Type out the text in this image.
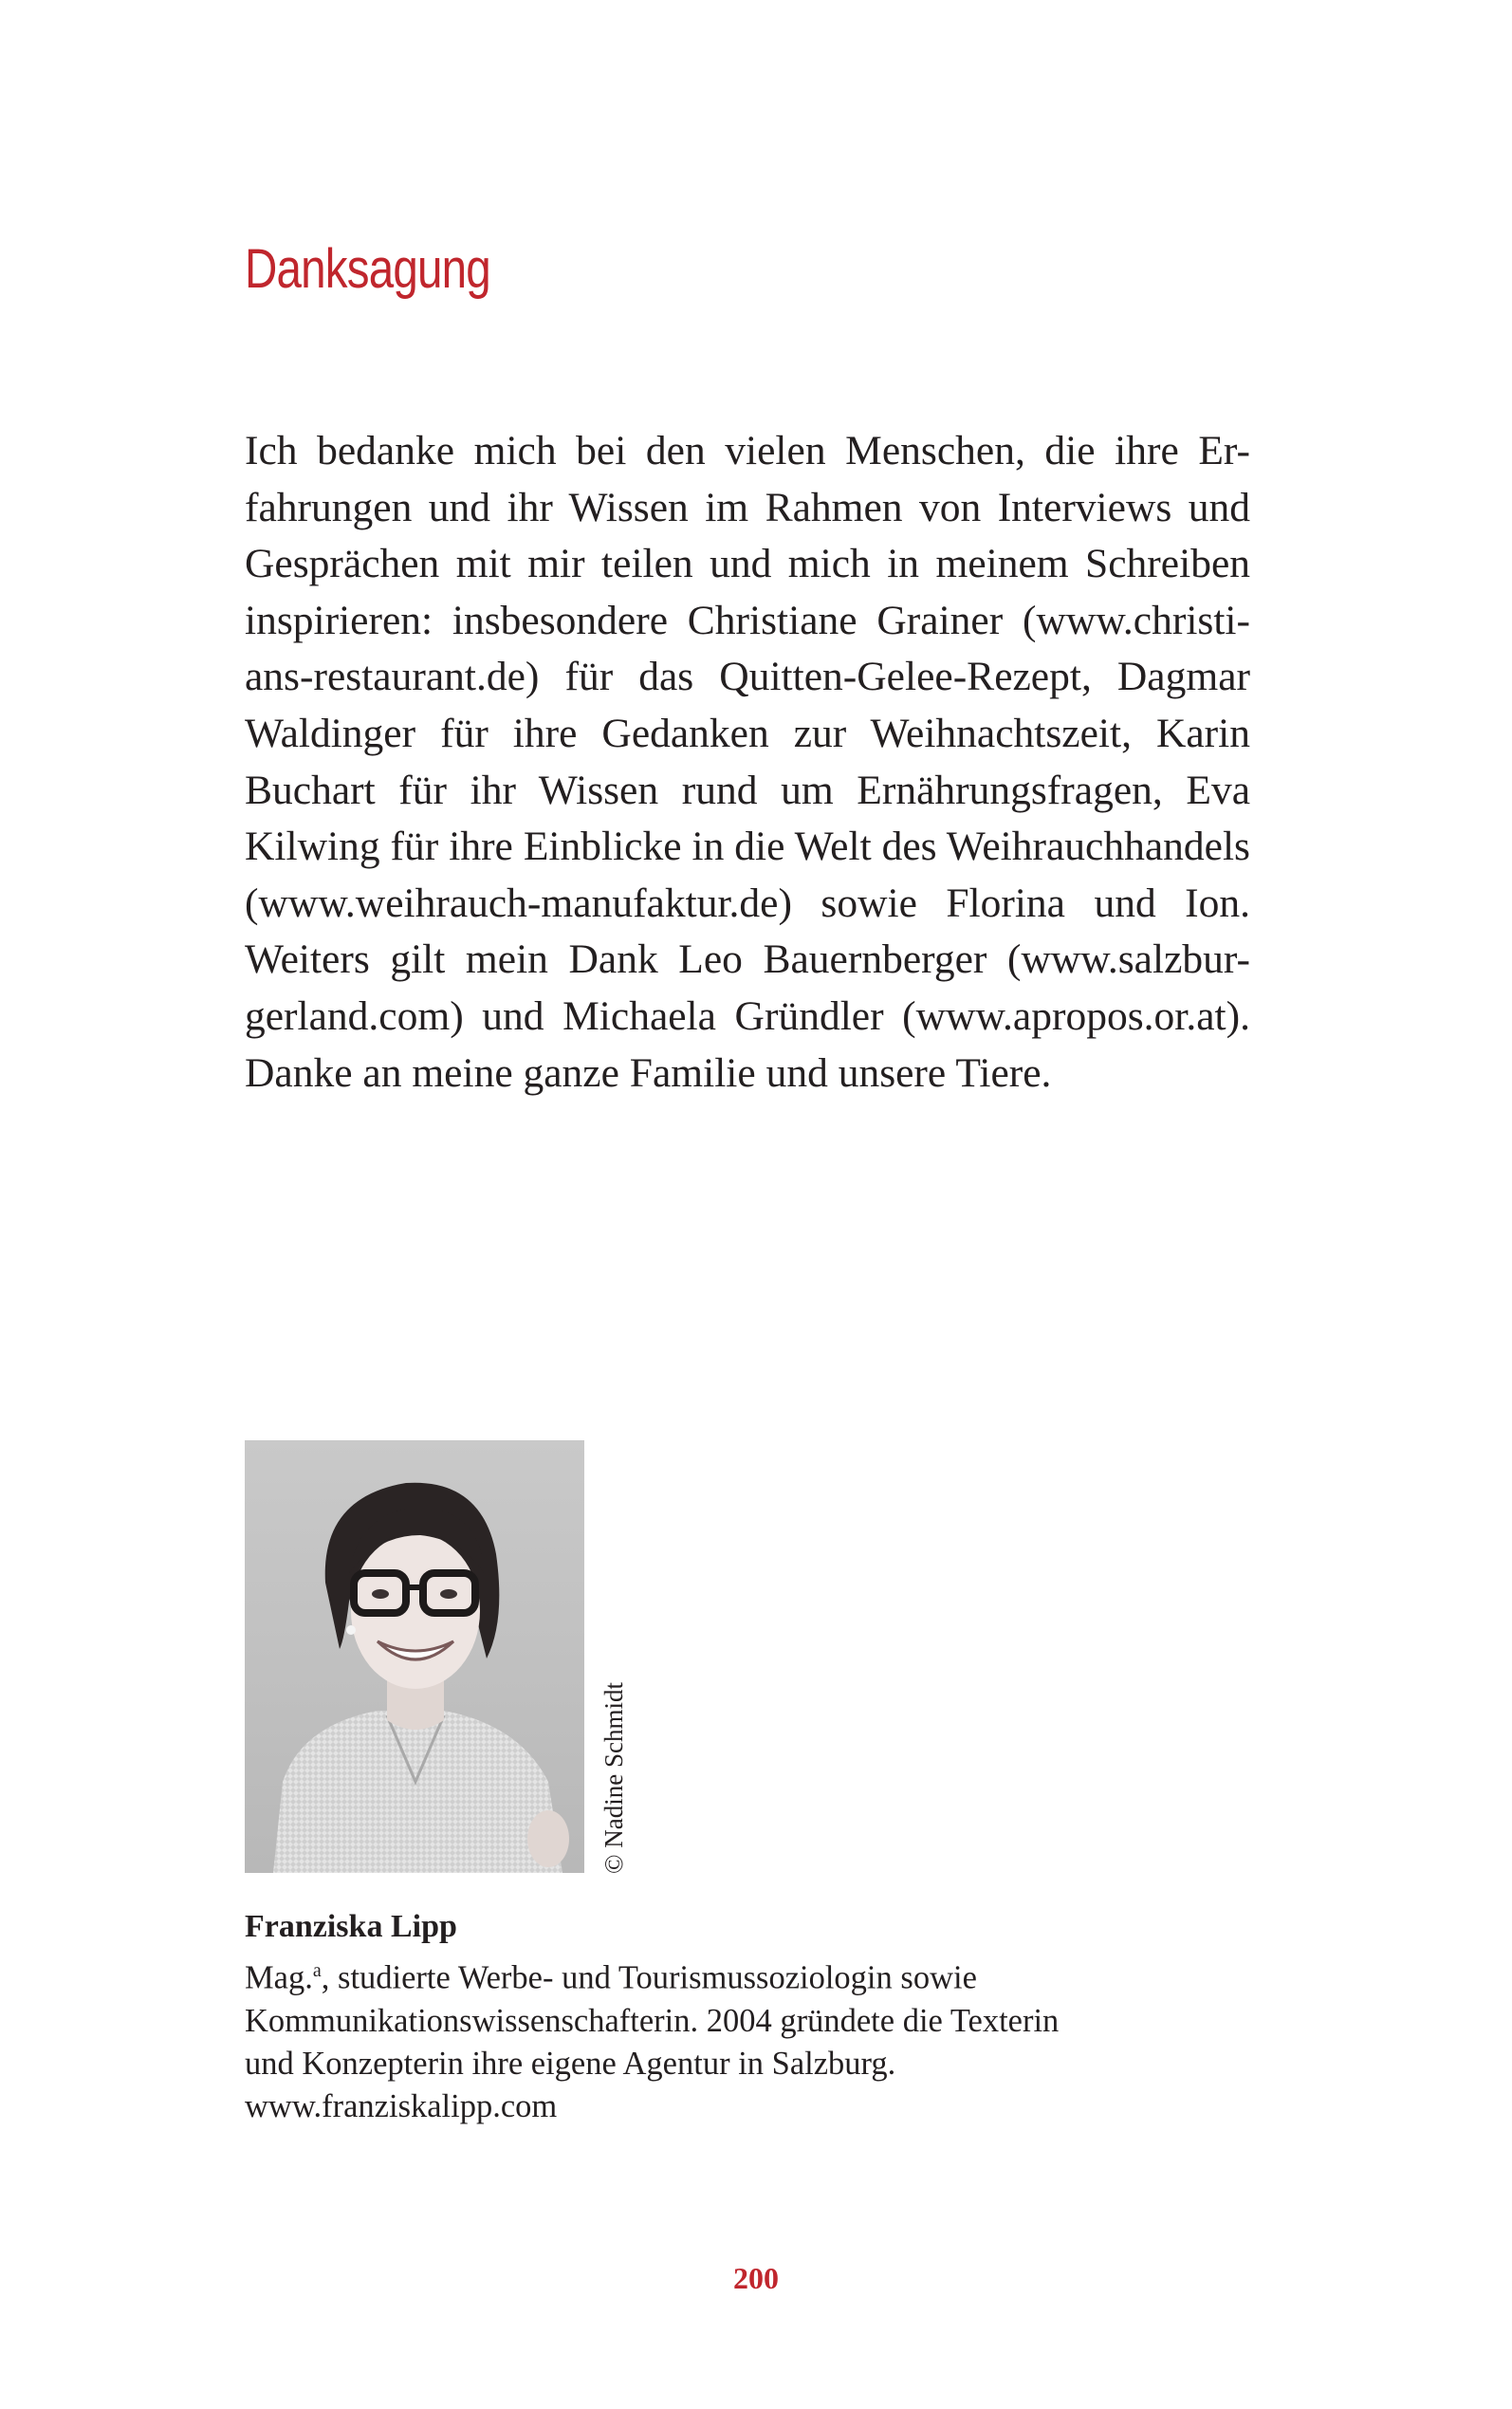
Danksagung
Ich bedanke mich bei den vielen Menschen, die ihre Er-
fahrungen und ihr Wissen im Rahmen von Interviews und
Gesprächen mit mir teilen und mich in meinem Schreiben
inspirieren: insbesondere Christiane Grainer (www.christi-
ans-restaurant.de) für das Quitten-Gelee-Rezept, Dagmar
Waldinger für ihre Gedanken zur Weihnachtszeit, Karin
Buchart für ihr Wissen rund um Ernährungsfragen, Eva
Kilwing für ihre Einblicke in die Welt des Weihrauchhandels
(www.weihrauch-manufaktur.de) sowie Florina und Ion.
Weiters gilt mein Dank Leo Bauernberger (www.salzbur-
gerland.com) und Michaela Gründler (www.apropos.or.at).
Danke an meine ganze Familie und unsere Tiere.
© Nadine Schmidt

Franziska Lipp

Mag.$^a$, studierte Werbe- und Tourismussoziologin sowie
Kommunikationswissenschafterin. 2004 gründete die Texterin
und Konzepterin ihre eigene Agentur in Salzburg.
www.franziskalipp.com
200
